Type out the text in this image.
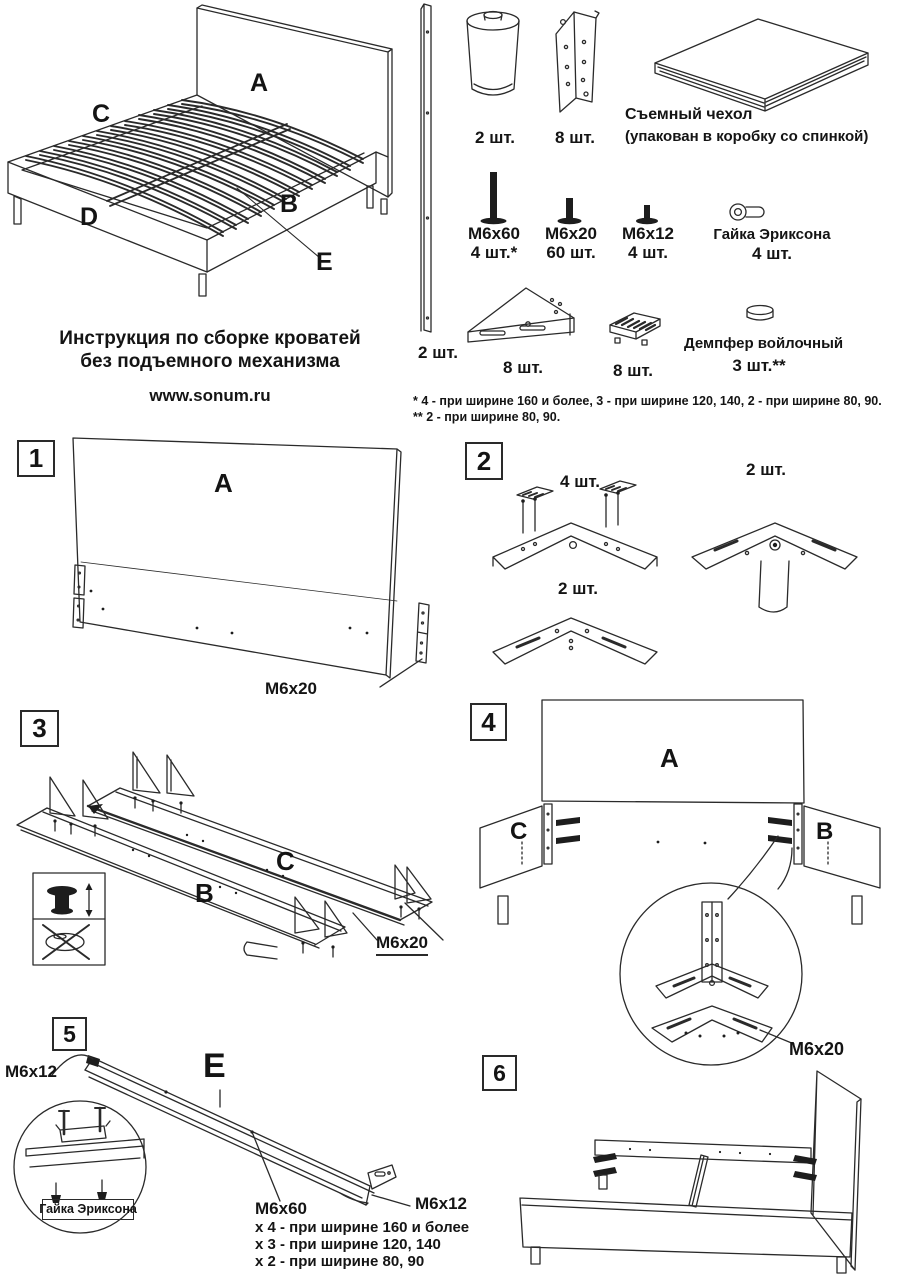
A
C
B
D
E
Инструкция по сборке кроватей
без подъемного механизма
www.sonum.ru
2 шт.
2 шт.	8 шт.
Съемный чехол
(упакован в коробку со спинкой)
M6x60
4 шт.*
M6x20
60 шт.
M6x12
4 шт.
Гайка Эриксона
4 шт.
8 шт.	8 шт.
Демпфер войлочный
3 шт.**
* 4 - при ширине 160 и более, 3 - при ширине 120, 140, 2 - при ширине 80, 90.
** 2 - при ширине 80, 90.
1
A
M6x20
2
4 шт.
2 шт.
2 шт.
3
C
B
M6x20
4
A
C	B
M6x20
5
E
M6x12
Гайка Эриксона	M6x12
M6x60
x 4 - при ширине 160 и более
x 3 - при ширине 120, 140
x 2 - при ширине 80, 90
6
